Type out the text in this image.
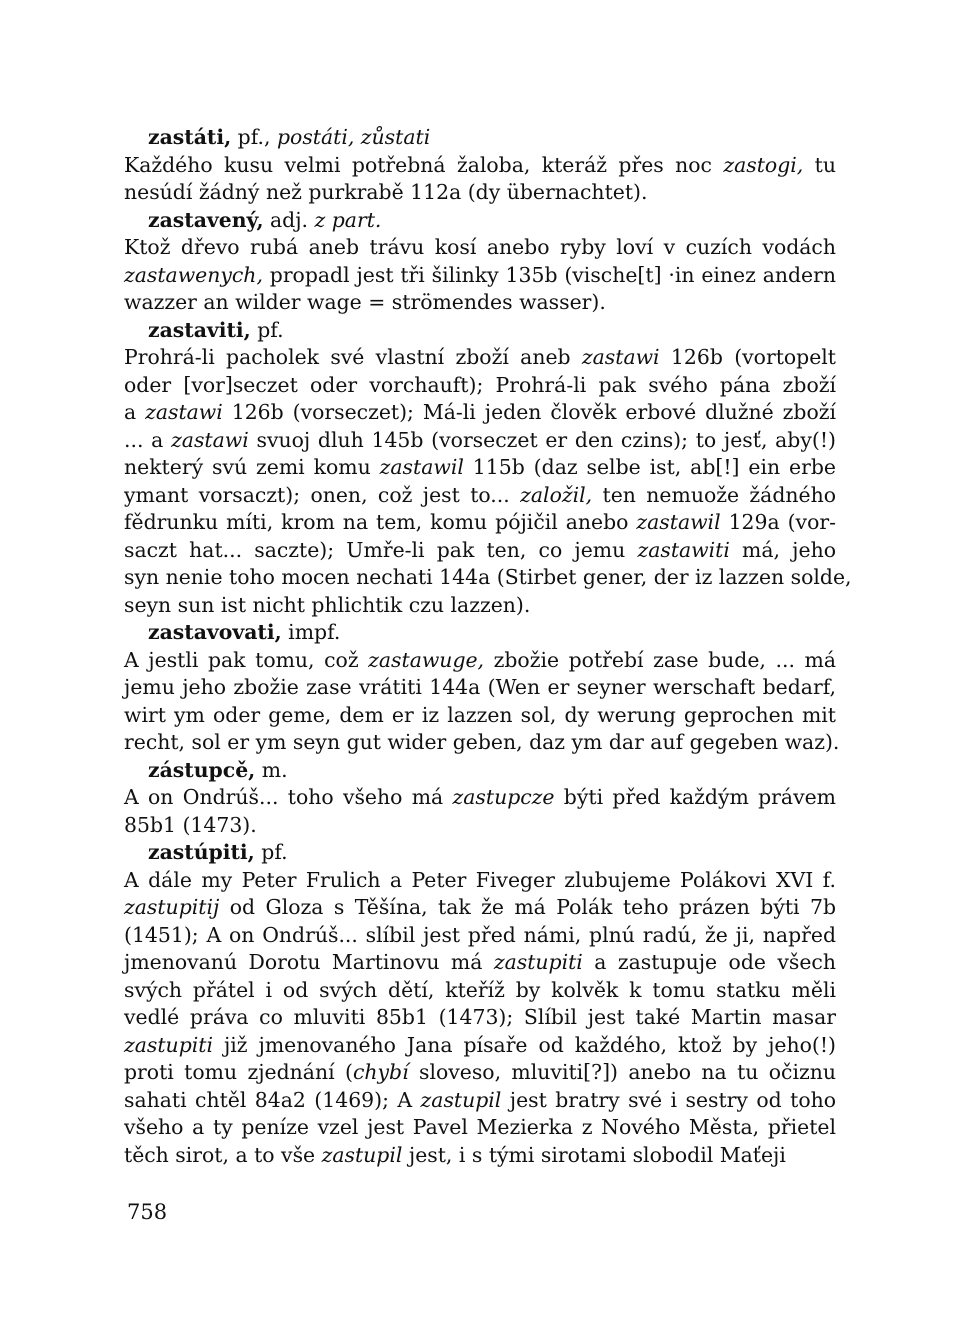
zastáti, pf., postáti, zůstati
Každého kusu velmi potřebná žaloba, kteráž přes noc zastogi, tu
nesúdí žádný než purkrabě 112a (dy übernachtet).
zastavený, adj. z part.
Ktož dřevo rubá aneb trávu kosí anebo ryby loví v cuzích vodách
zastawenych, propadl jest tři šilinky 135b (vische[t] ·in einez andern
wazzer an wilder wage = strömendes wasser).
zastaviti, pf.
Prohrá-li pacholek své vlastní zboží aneb zastawi 126b (vortopelt
oder [vor]seczet oder vorchauft); Prohrá-li pak svého pána zboží
a zastawi 126b (vorseczet); Má-li jeden člověk erbové dlužné zboží
... a zastawi svuoj dluh 145b (vorseczet er den czins); to jesť, aby(!)
nekterý svú zemi komu zastawil 115b (daz selbe ist, ab[!] ein erbe
ymant vorsaczt); onen, což jest to... založil, ten nemuože žádného
fědrunku míti, krom na tem, komu pójičil anebo zastawil 129a (vor-
saczt hat... saczte); Umře-li pak ten, co jemu zastawiti má, jeho
syn nenie toho mocen nechati 144a (Stirbet gener, der iz lazzen solde,
seyn sun ist nicht phlichtik czu lazzen).
zastavovati, impf.
A jestli pak tomu, což zastawuge, zbožie potřebí zase bude, ... má
jemu jeho zbožie zase vrátiti 144a (Wen er seyner werschaft bedarf,
wirt ym oder geme, dem er iz lazzen sol, dy werung geprochen mit
recht, sol er ym seyn gut wider geben, daz ym dar auf gegeben waz).
zástupcě, m.
A on Ondrúš... toho všeho má zastupcze býti před každým právem
85b1 (1473).
zastúpiti, pf.
A dále my Peter Frulich a Peter Fiveger zlubujeme Polákovi XVI f.
zastupitij od Gloza s Těšína, tak že má Polák teho prázen býti 7b
(1451); A on Ondrúš... slíbil jest před námi, plnú radú, že ji, napřed
jmenovanú Dorotu Martinovu má zastupiti a zastupuje ode všech
svých přátel i od svých dětí, kteříž by kolvěk k tomu statku měli
vedlé práva co mluviti 85b1 (1473); Slíbil jest také Martin masar
zastupiti již jmenovaného Jana písaře od každého, ktož by jeho(!)
proti tomu zjednání (chybí sloveso, mluviti[?]) anebo na tu očiznu
sahati chtěl 84a2 (1469); A zastupil jest bratry své i sestry od toho
všeho a ty peníze vzel jest Pavel Mezierka z Nového Města, přietel
těch sirot, a to vše zastupil jest, i s tými sirotami slobodil Maťeji
758
